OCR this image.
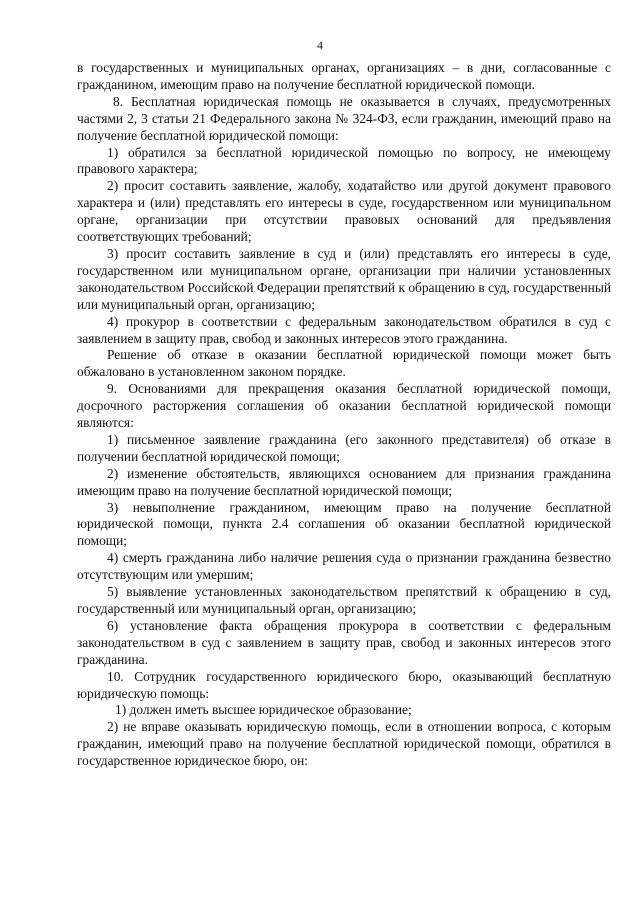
4

в государственных и муниципальных органах, организациях – в дни, согласованные с гражданином, имеющим право на получение бесплатной юридической помощи.

8. Бесплатная юридическая помощь не оказывается в случаях, предусмотренных частями 2, 3 статьи 21 Федерального закона № 324-ФЗ, если гражданин, имеющий право на получение бесплатной юридической помощи:

1) обратился за бесплатной юридической помощью по вопросу, не имеющему правового характера;

2) просит составить заявление, жалобу, ходатайство или другой документ правового характера и (или) представлять его интересы в суде, государственном или муниципальном органе, организации при отсутствии правовых оснований для предъявления соответствующих требований;

3) просит составить заявление в суд и (или) представлять его интересы в суде, государственном или муниципальном органе, организации при наличии установленных законодательством Российской Федерации препятствий к обращению в суд, государственный или муниципальный орган, организацию;

4) прокурор в соответствии с федеральным законодательством обратился в суд с заявлением в защиту прав, свобод и законных интересов этого гражданина.

Решение об отказе в оказании бесплатной юридической помощи может быть обжаловано в установленном законом порядке.

9. Основаниями для прекращения оказания бесплатной юридической помощи, досрочного расторжения соглашения об оказании бесплатной юридической помощи являются:

1) письменное заявление гражданина (его законного представителя) об отказе в получении бесплатной юридической помощи;

2) изменение обстоятельств, являющихся основанием для признания гражданина имеющим право на получение бесплатной юридической помощи;

3) невыполнение гражданином, имеющим право на получение бесплатной юридической помощи, пункта 2.4 соглашения об оказании бесплатной юридической помощи;

4) смерть гражданина либо наличие решения суда о признании гражданина безвестно отсутствующим или умершим;

5) выявление установленных законодательством препятствий к обращению в суд, государственный или муниципальный орган, организацию;

6) установление факта обращения прокурора в соответствии с федеральным законодательством в суд с заявлением в защиту прав, свобод и законных интересов этого гражданина.

10. Сотрудник государственного юридического бюро, оказывающий бесплатную юридическую помощь:

1) должен иметь высшее юридическое образование;

2) не вправе оказывать юридическую помощь, если в отношении вопроса, с которым гражданин, имеющий право на получение бесплатной юридической помощи, обратился в государственное юридическое бюро, он:
